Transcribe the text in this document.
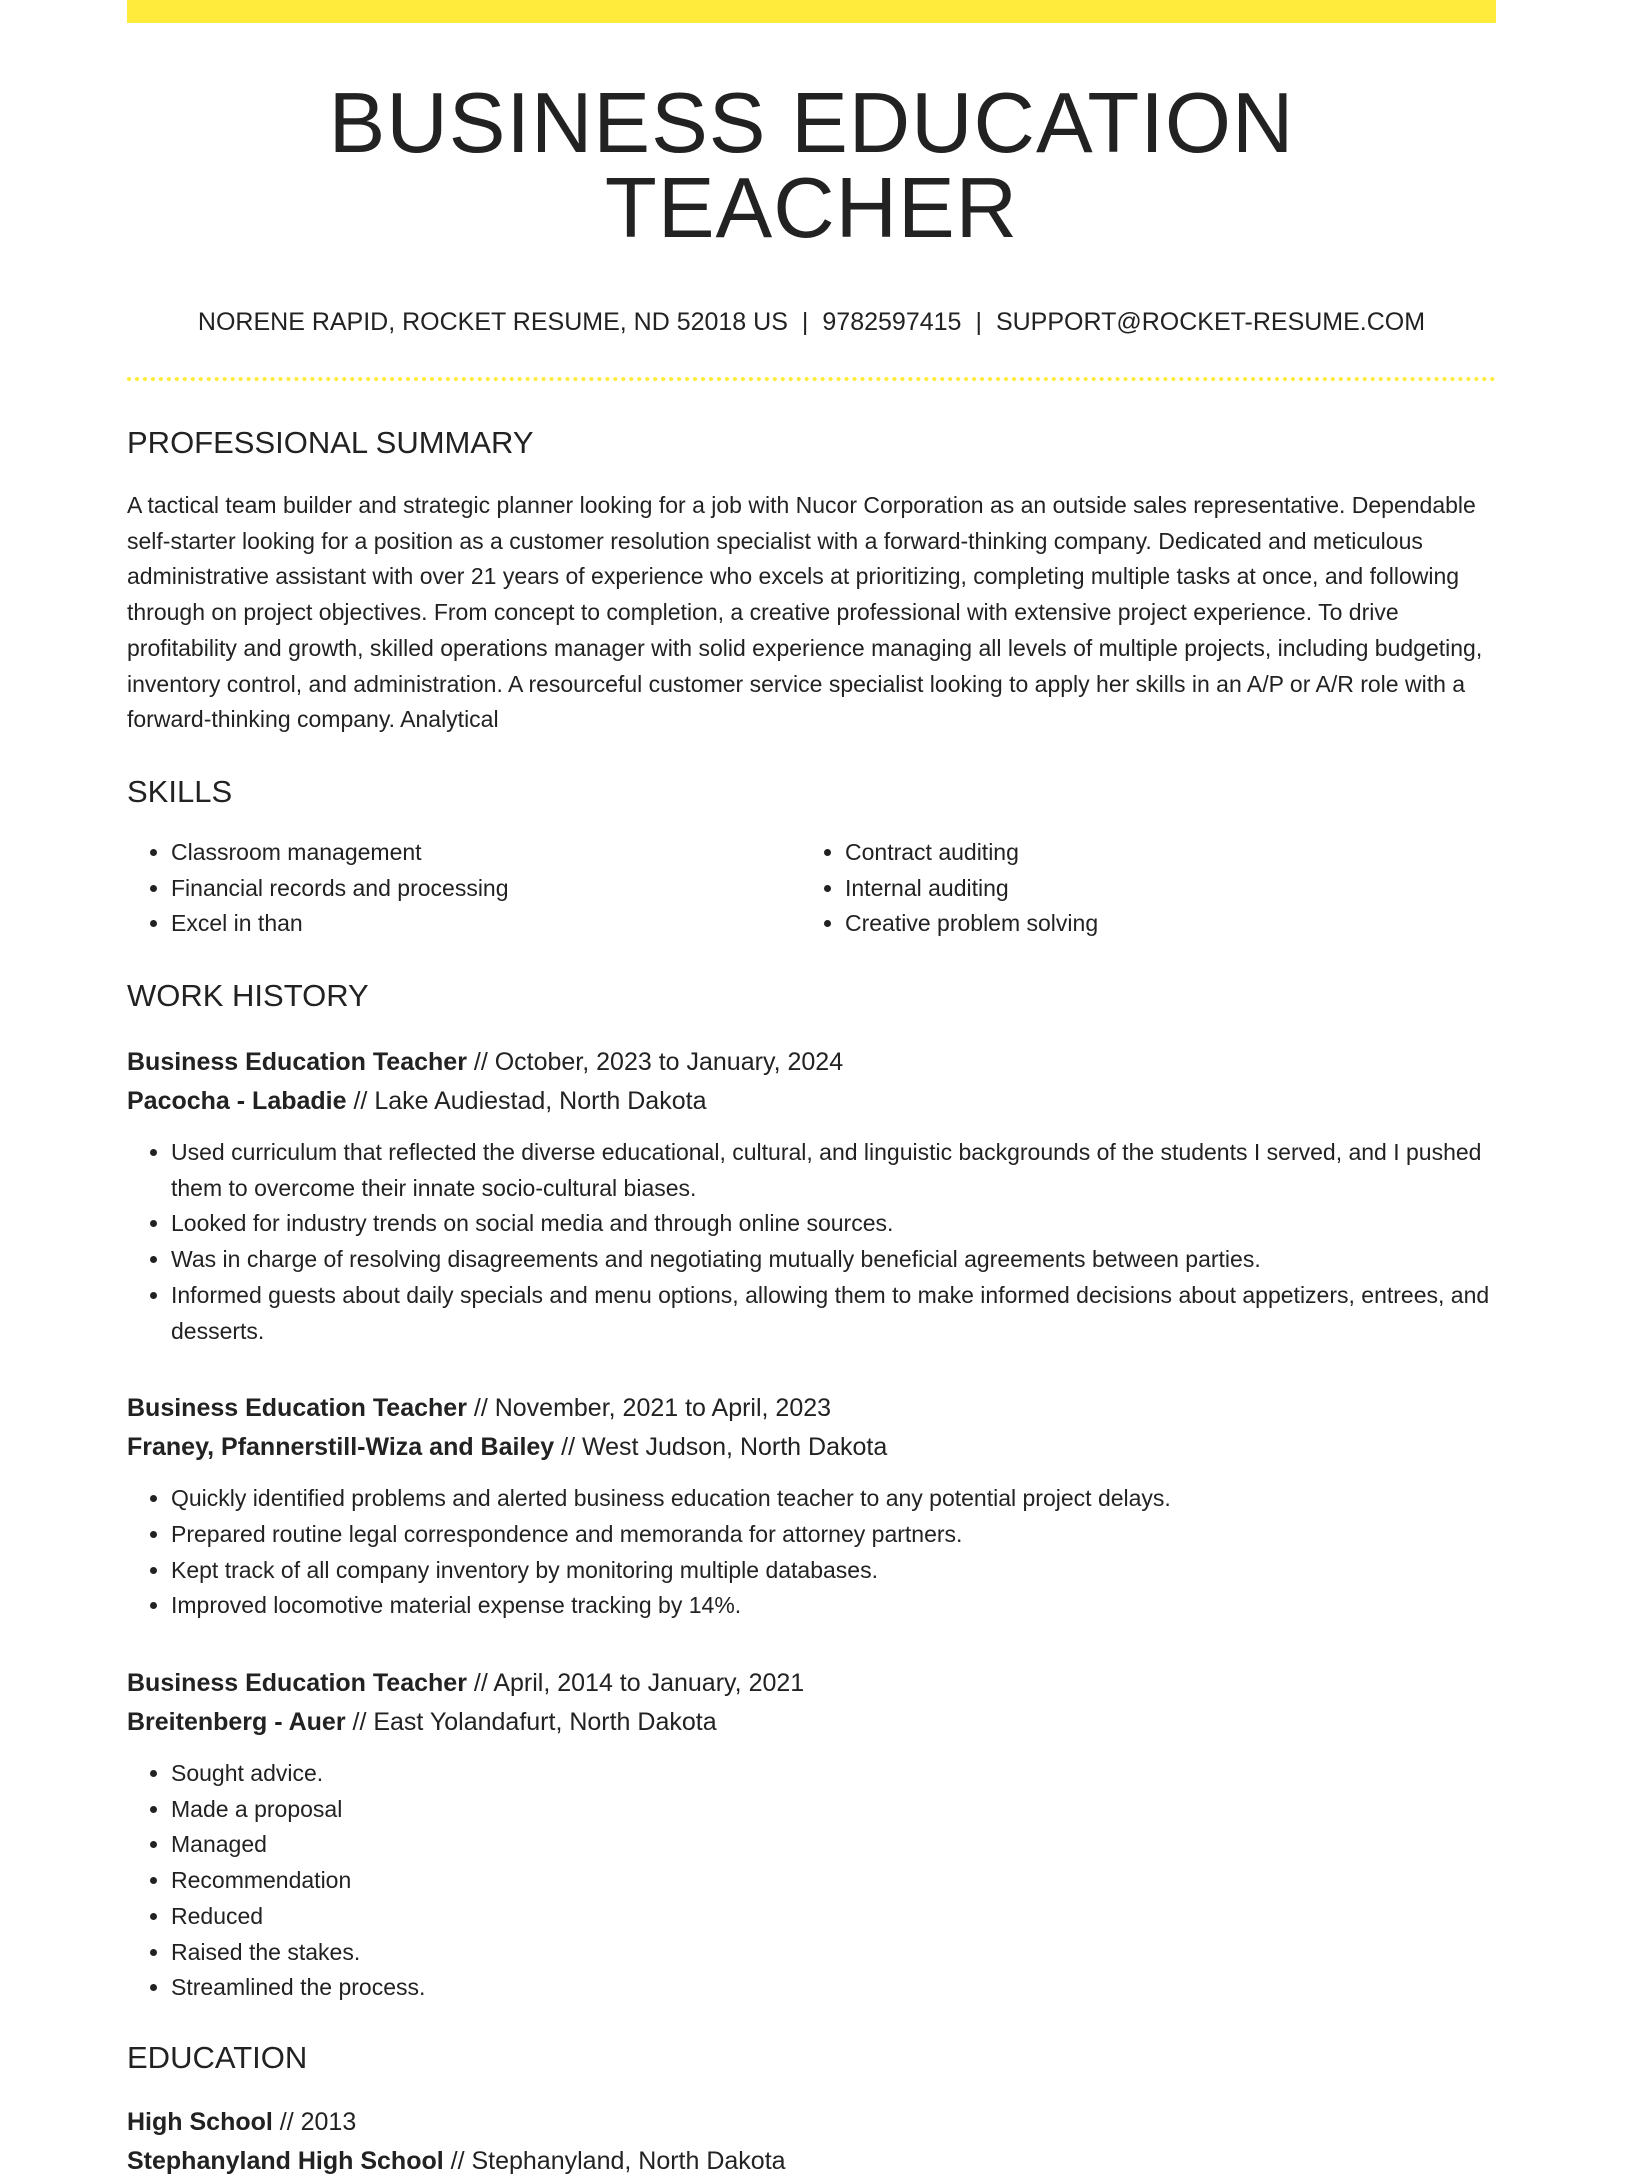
BUSINESS EDUCATION TEACHER
NORENE RAPID, ROCKET RESUME, ND 52018 US | 9782597415 | SUPPORT@ROCKET-RESUME.COM
PROFESSIONAL SUMMARY

A tactical team builder and strategic planner looking for a job with Nucor Corporation as an outside sales representative. Dependable self-starter looking for a position as a customer resolution specialist with a forward-thinking company. Dedicated and meticulous administrative assistant with over 21 years of experience who excels at prioritizing, completing multiple tasks at once, and following through on project objectives. From concept to completion, a creative professional with extensive project experience. To drive profitability and growth, skilled operations manager with solid experience managing all levels of multiple projects, including budgeting, inventory control, and administration. A resourceful customer service specialist looking to apply her skills in an A/P or A/R role with a forward-thinking company. Analytical

SKILLS
• Classroom management
• Financial records and processing
• Excel in than
• Contract auditing
• Internal auditing
• Creative problem solving
WORK HISTORY
Business Education Teacher // October, 2023 to January, 2024
Pacocha - Labadie // Lake Audiestad, North Dakota
• Used curriculum that reflected the diverse educational, cultural, and linguistic backgrounds of the students I served, and I pushed them to overcome their innate socio-cultural biases.
• Looked for industry trends on social media and through online sources.
• Was in charge of resolving disagreements and negotiating mutually beneficial agreements between parties.
• Informed guests about daily specials and menu options, allowing them to make informed decisions about appetizers, entrees, and desserts.
Business Education Teacher // November, 2021 to April, 2023
Franey, Pfannerstill-Wiza and Bailey // West Judson, North Dakota
• Quickly identified problems and alerted business education teacher to any potential project delays.
• Prepared routine legal correspondence and memoranda for attorney partners.
• Kept track of all company inventory by monitoring multiple databases.
• Improved locomotive material expense tracking by 14%.
Business Education Teacher // April, 2014 to January, 2021
Breitenberg - Auer // East Yolandafurt, North Dakota
• Sought advice.
• Made a proposal
• Managed
• Recommendation
• Reduced
• Raised the stakes.
• Streamlined the process.
EDUCATION
High School // 2013
Stephanyland High School // Stephanyland, North Dakota
